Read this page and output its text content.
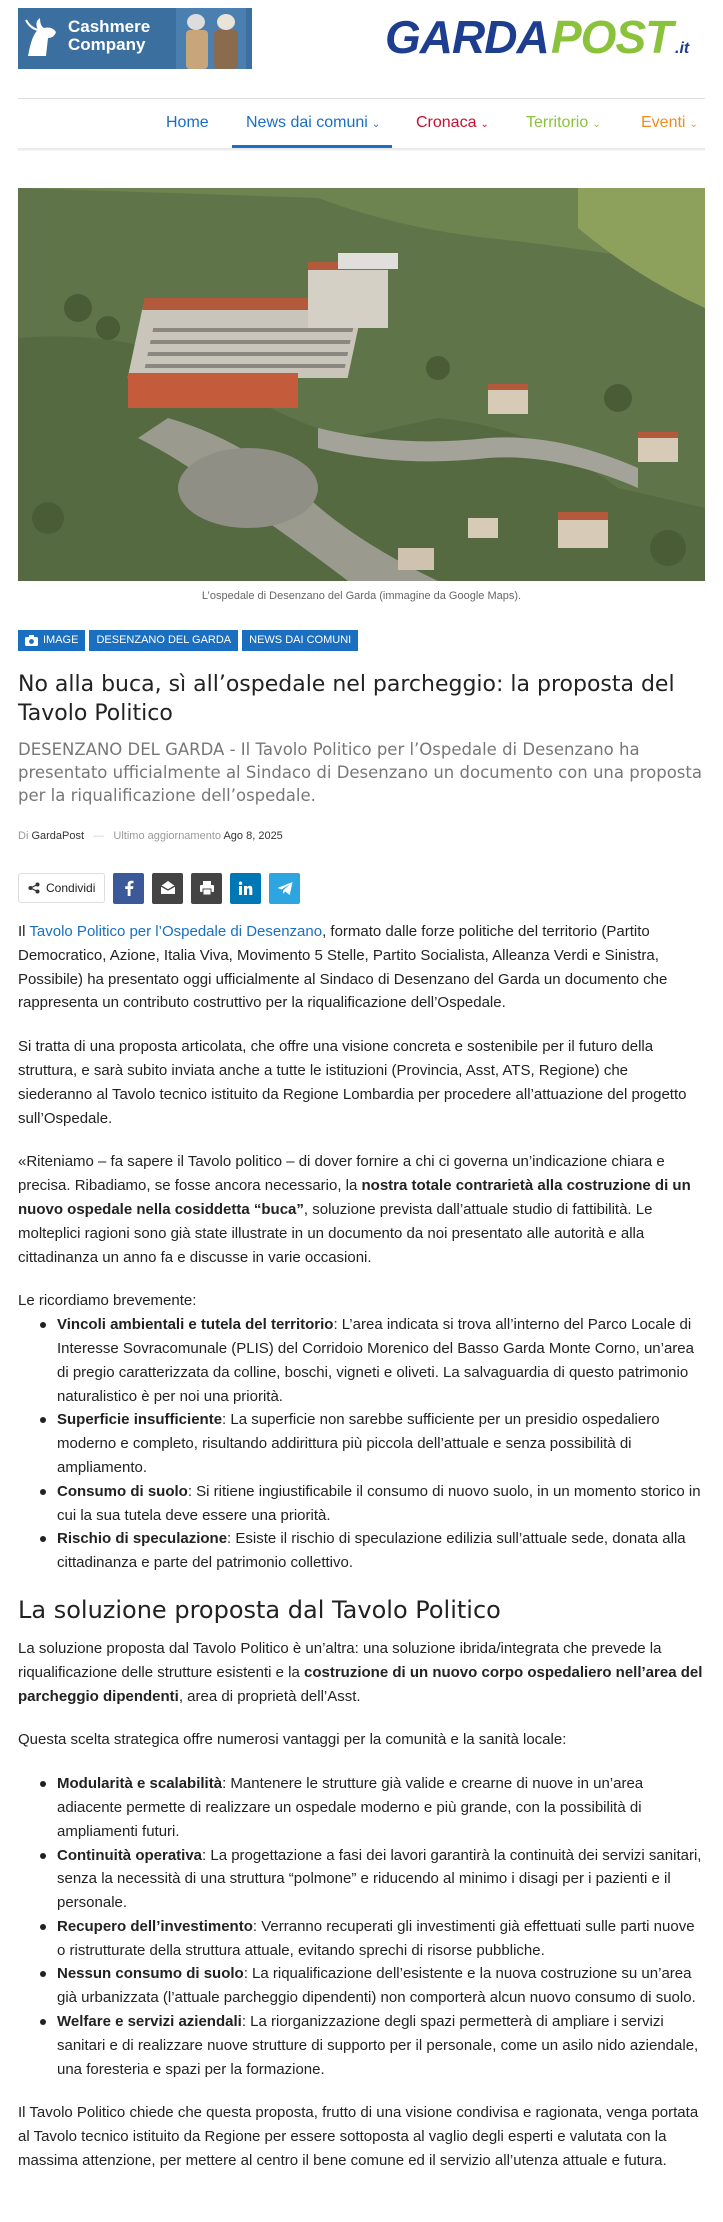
Cashmere
Company	GARDA POST .it
Home News dai comuni ⌄ Cronaca ⌄ Territorio ⌄	Eventi ⌄
L’ospedale di Desenzano del Garda (immagine da Google Maps).
IMAGE DESENZANO DEL GARDA NEWS DAI COMUNI
No alla buca, sì all’ospedale nel parcheggio: la proposta del Tavolo Politico
DESENZANO DEL GARDA - Il Tavolo Politico per l’Ospedale di Desenzano ha presentato ufficialmente al Sindaco di Desenzano un documento con una proposta per la riqualificazione dell’ospedale.
Di GardaPost — Ultimo aggiornamento Ago 8, 2025
Condividi

Il Tavolo Politico per l’Ospedale di Desenzano, formato dalle forze politiche del territorio (Partito Democratico, Azione, Italia Viva, Movimento 5 Stelle, Partito Socialista, Alleanza Verdi e Sinistra, Possibile) ha presentato oggi ufficialmente al Sindaco di Desenzano del Garda un documento che rappresenta un contributo costruttivo per la riqualificazione dell’Ospedale.

Si tratta di una proposta articolata, che offre una visione concreta e sostenibile per il futuro della struttura, e sarà subito inviata anche a tutte le istituzioni (Provincia, Asst, ATS, Regione) che siederanno al Tavolo tecnico istituito da Regione Lombardia per procedere all’attuazione del progetto sull’Ospedale.

«Riteniamo – fa sapere il Tavolo politico – di dover fornire a chi ci governa un’indicazione chiara e precisa. Ribadiamo, se fosse ancora necessario, la nostra totale contrarietà alla costruzione di un nuovo ospedale nella cosiddetta “buca”, soluzione prevista dall’attuale studio di fattibilità. Le molteplici ragioni sono già state illustrate in un documento da noi presentato alle autorità e alla cittadinanza un anno fa e discusse in varie occasioni.

Le ricordiamo brevemente:
Vincoli ambientali e tutela del territorio: L’area indicata si trova all’interno del Parco Locale di Interesse Sovracomunale (PLIS) del Corridoio Morenico del Basso Garda Monte Corno, un’area di pregio caratterizzata da colline, boschi, vigneti e oliveti. La salvaguardia di questo patrimonio naturalistico è per noi una priorità.
Superficie insufficiente: La superficie non sarebbe sufficiente per un presidio ospedaliero moderno e completo, risultando addirittura più piccola dell’attuale e senza possibilità di ampliamento.
Consumo di suolo: Si ritiene ingiustificabile il consumo di nuovo suolo, in un momento storico in cui la sua tutela deve essere una priorità.
Rischio di speculazione: Esiste il rischio di speculazione edilizia sull’attuale sede, donata alla cittadinanza e parte del patrimonio collettivo.
La soluzione proposta dal Tavolo Politico

La soluzione proposta dal Tavolo Politico è un’altra: una soluzione ibrida/integrata che prevede la riqualificazione delle strutture esistenti e la costruzione di un nuovo corpo ospedaliero nell’area del parcheggio dipendenti, area di proprietà dell’Asst.

Questa scelta strategica offre numerosi vantaggi per la comunità e la sanità locale:

Modularità e scalabilità: Mantenere le strutture già valide e crearne di nuove in un’area adiacente permette di realizzare un ospedale moderno e più grande, con la possibilità di ampliamenti futuri.
Continuità operativa: La progettazione a fasi dei lavori garantirà la continuità dei servizi sanitari, senza la necessità di una struttura “polmone” e riducendo al minimo i disagi per i pazienti e il personale.
Recupero dell’investimento: Verranno recuperati gli investimenti già effettuati sulle parti nuove o ristrutturate della struttura attuale, evitando sprechi di risorse pubbliche.
Nessun consumo di suolo: La riqualificazione dell’esistente e la nuova costruzione su un’area già urbanizzata (l’attuale parcheggio dipendenti) non comporterà alcun nuovo consumo di suolo.
Welfare e servizi aziendali: La riorganizzazione degli spazi permetterà di ampliare i servizi sanitari e di realizzare nuove strutture di supporto per il personale, come un asilo nido aziendale, una foresteria e spazi per la formazione.

Il Tavolo Politico chiede che questa proposta, frutto di una visione condivisa e ragionata, venga portata al Tavolo tecnico istituito da Regione per essere sottoposta al vaglio degli esperti e valutata con la massima attenzione, per mettere al centro il bene comune ed il servizio all’utenza attuale e futura.
